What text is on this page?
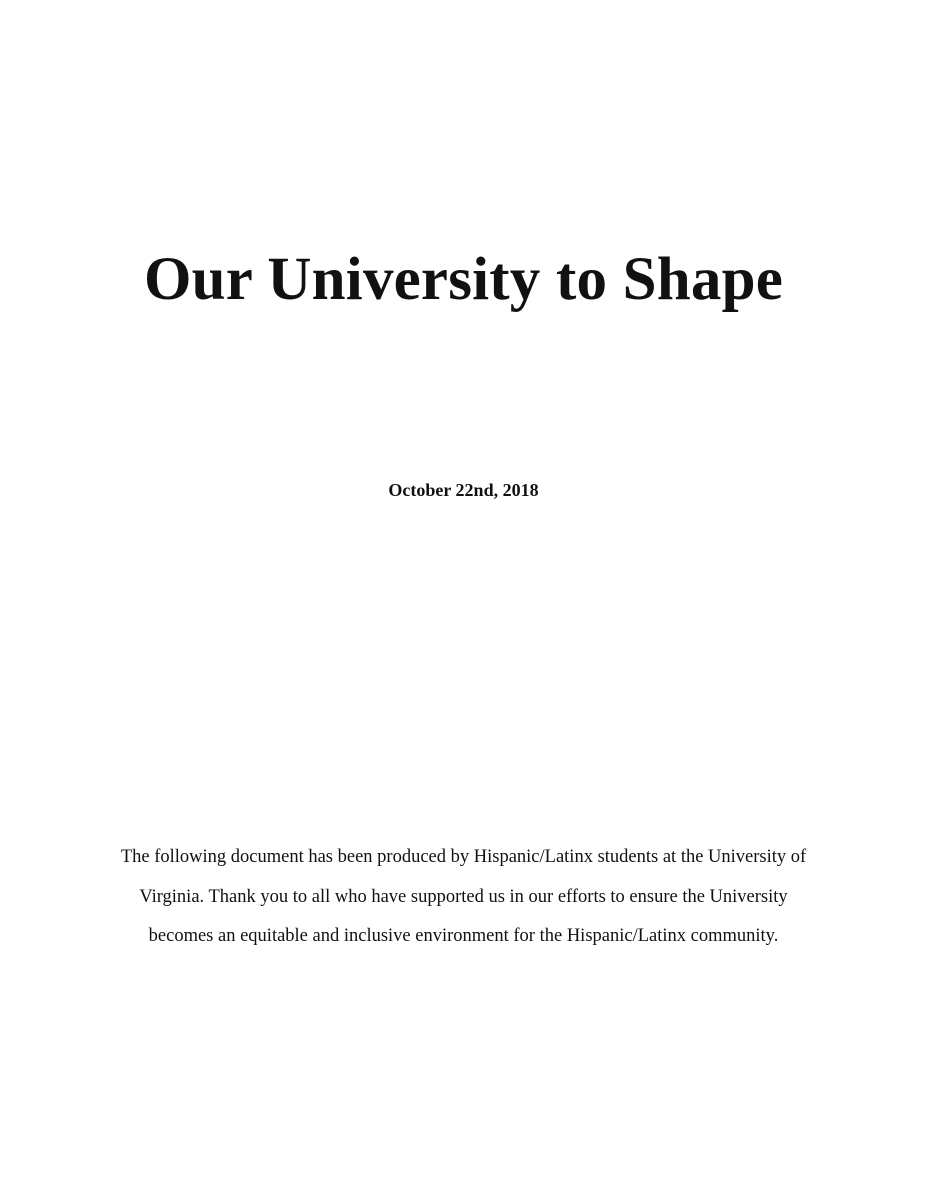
Our University to Shape

October 22nd, 2018

The following document has been produced by Hispanic/Latinx students at the University of Virginia. Thank you to all who have supported us in our efforts to ensure the University becomes an equitable and inclusive environment for the Hispanic/Latinx community.
